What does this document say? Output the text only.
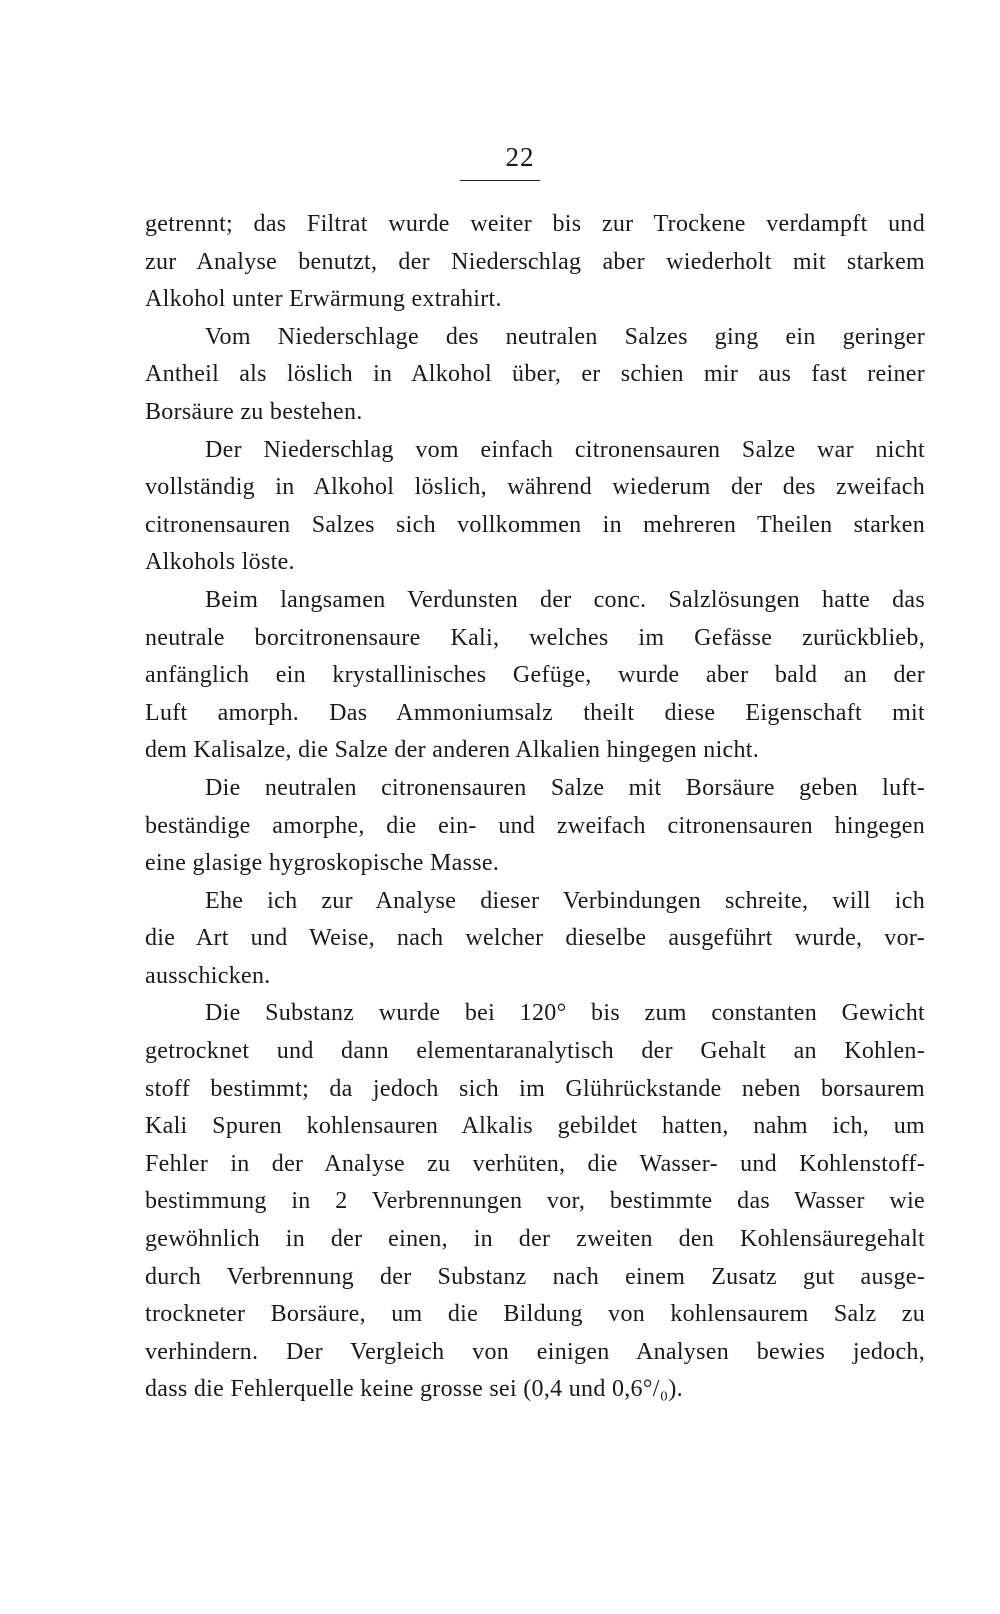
22
getrennt; das Filtrat wurde weiter bis zur Trockene verdampft und
zur Analyse benutzt, der Niederschlag aber wiederholt mit starkem
Alkohol unter Erwärmung extrahirt.
Vom Niederschlage des neutralen Salzes ging ein geringer
Antheil als löslich in Alkohol über, er schien mir aus fast reiner
Borsäure zu bestehen.
Der Niederschlag vom einfach citronensauren Salze war nicht
vollständig in Alkohol löslich, während wiederum der des zweifach
citronensauren Salzes sich vollkommen in mehreren Theilen starken
Alkohols löste.
Beim langsamen Verdunsten der conc. Salzlösungen hatte das
neutrale borcitronensaure Kali, welches im Gefässe zurückblieb,
anfänglich ein krystallinisches Gefüge, wurde aber bald an der
Luft amorph. Das Ammoniumsalz theilt diese Eigenschaft mit
dem Kalisalze, die Salze der anderen Alkalien hingegen nicht.
Die neutralen citronensauren Salze mit Borsäure geben luft-
beständige amorphe, die ein- und zweifach citronensauren hingegen
eine glasige hygroskopische Masse.
Ehe ich zur Analyse dieser Verbindungen schreite, will ich
die Art und Weise, nach welcher dieselbe ausgeführt wurde, vor-
ausschicken.
Die Substanz wurde bei 120° bis zum constanten Gewicht
getrocknet und dann elementaranalytisch der Gehalt an Kohlen-
stoff bestimmt; da jedoch sich im Glührückstande neben borsaurem
Kali Spuren kohlensauren Alkalis gebildet hatten, nahm ich, um
Fehler in der Analyse zu verhüten, die Wasser- und Kohlenstoff-
bestimmung in 2 Verbrennungen vor, bestimmte das Wasser wie
gewöhnlich in der einen, in der zweiten den Kohlensäuregehalt
durch Verbrennung der Substanz nach einem Zusatz gut ausge-
trockneter Borsäure, um die Bildung von kohlensaurem Salz zu
verhindern. Der Vergleich von einigen Analysen bewies jedoch,
dass die Fehlerquelle keine grosse sei (0,4 und 0,6°/₀).
